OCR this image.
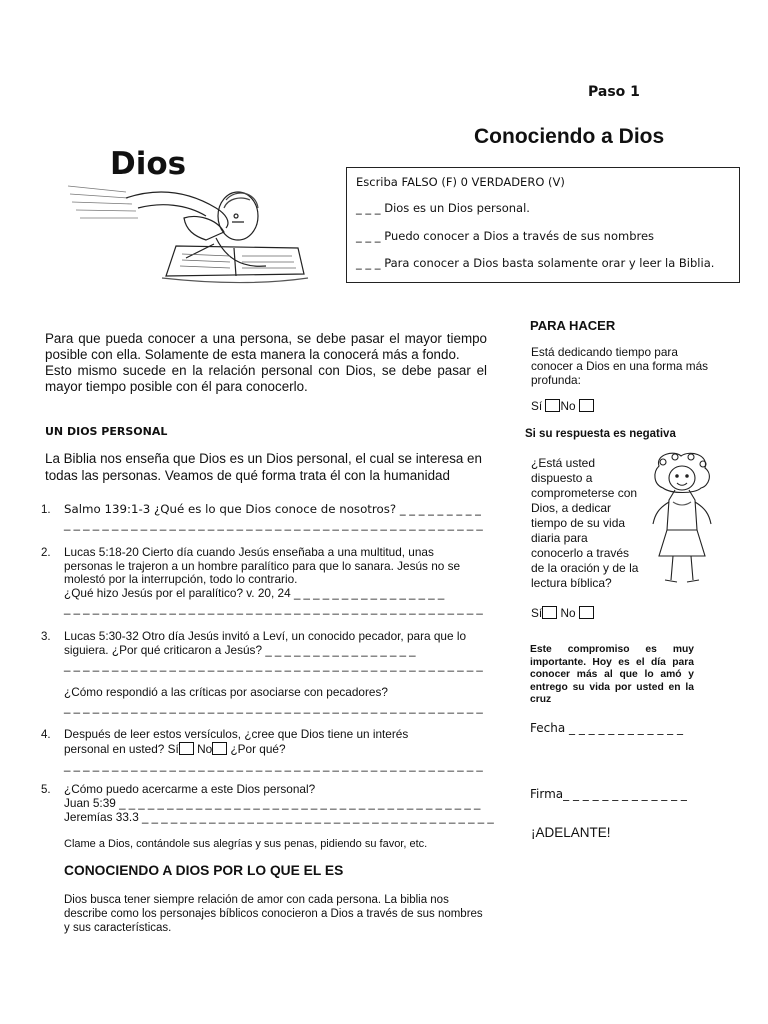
Paso 1
Conociendo a Dios
Dios	Escriba FALSO (F) 0 VERDADERO (V)
_ _ _ Dios es un Dios personal.
_ _ _ Puedo conocer a Dios a través de sus nombres
_ _ _ Para conocer a Dios basta solamente orar y leer la Biblia.

Para que pueda conocer a una persona, se debe pasar el mayor tiempo posible con ella. Solamente de esta manera la conocerá más a fondo.

Esto mismo sucede en la relación personal con Dios, se debe pasar el mayor tiempo posible con él para conocerlo.

UN DIOS PERSONAL
La Biblia nos enseña que Dios es un Dios personal, el cual se interesa en todas las personas. Veamos de qué forma trata él con la humanidad
1. Salmo 139:1-3 ¿Qué es lo que Dios conoce de nosotros? _ _ _ _ _ _ _ _ _
_ _ _ _ _ _ _ _ _ _ _ _ _ _ _ _ _ _ _ _ _ _ _ _ _ _ _ _ _ _ _ _ _ _ _ _ _ _ _ _ _ _ _ _
2. Lucas 5:18-20 Cierto día cuando Jesús enseñaba a una multitud, unas personas le trajeron a un hombre paralítico para que lo sanara. Jesús no se molestó por la interrupción, todo lo contrario.
¿Qué hizo Jesús por el paralítico? v. 20, 24 _ _ _ _ _ _ _ _ _ _ _ _ _ _ _ _
_ _ _ _ _ _ _ _ _ _ _ _ _ _ _ _ _ _ _ _ _ _ _ _ _ _ _ _ _ _ _ _ _ _ _ _ _ _ _ _ _ _ _ _
3. Lucas 5:30-32 Otro día Jesús invitó a Leví, un conocido pecador, para que lo siguiera. ¿Por qué criticaron a Jesús? _ _ _ _ _ _ _ _ _ _ _ _ _ _ _ _
_ _ _ _ _ _ _ _ _ _ _ _ _ _ _ _ _ _ _ _ _ _ _ _ _ _ _ _ _ _ _ _ _ _ _ _ _ _ _ _ _ _ _ _
¿Cómo respondió a las críticas por asociarse con pecadores?
_ _ _ _ _ _ _ _ _ _ _ _ _ _ _ _ _ _ _ _ _ _ _ _ _ _ _ _ _ _ _ _ _ _ _ _ _ _ _ _ _ _ _ _
4. Después de leer estos versículos, ¿cree que Dios tiene un interés personal en usted? Sí No ¿Por qué?
_ _ _ _ _ _ _ _ _ _ _ _ _ _ _ _ _ _ _ _ _ _ _ _ _ _ _ _ _ _ _ _ _ _ _ _ _ _ _ _ _ _ _ _
5. ¿Cómo puedo acercarme a este Dios personal?
Juan 5:39 _ _ _ _ _ _ _ _ _ _ _ _ _ _ _ _ _ _ _ _ _ _ _ _ _ _ _ _ _ _ _ _ _ _ _ _ _ _
Jeremías 33.3 _ _ _ _ _ _ _ _ _ _ _ _ _ _ _ _ _ _ _ _ _ _ _ _ _ _ _ _ _ _ _ _ _ _ _ _ _
Clame a Dios, contándole sus alegrías y sus penas, pidiendo su favor, etc.
CONOCIENDO A DIOS POR LO QUE EL ES
Dios busca tener siempre relación de amor con cada persona. La biblia nos describe como los personajes bíblicos conocieron a Dios a través de sus nombres y sus características.
PARA HACER
Está dedicando tiempo para conocer a Dios en una forma más profunda:
Sí No
Si su respuesta es negativa
¿Está usted dispuesto a comprometerse con Dios, a dedicar tiempo de su vida diaria para conocerlo a través de la oración y de la lectura bíblica?
Sí No
Este compromiso es muy importante. Hoy es el día para conocer más al que lo amó y entrego su vida por usted en la cruz
Fecha _ _ _ _ _ _ _ _ _ _ _ _
Firma_ _ _ _ _ _ _ _ _ _ _ _ _
¡ADELANTE!
